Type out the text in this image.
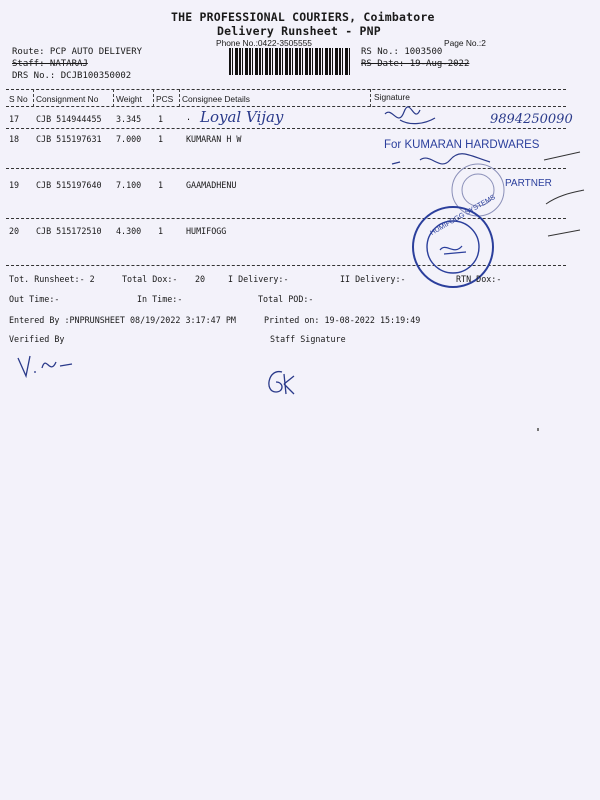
THE PROFESSIONAL COURIERS, Coimbatore
Delivery Runsheet - PNP
Phone No.:0422-3505555	Page No.:2
Route: PCP AUTO DELIVERY
Staff: NATARAJ
DRS No.: DCJB100350002
RS No.: 1003500
RS Date: 19-Aug-2022
S No Consignment No Weight PCS Consignee Details	Signature
17 CJB 514944455 3.345 1	.
18 CJB 515197631 7.000 1	KUMARAN H W
19 CJB 515197640 7.100 1	GAAMADHENU
20 CJB 515172510 4.300 1	HUMIFOGG
Loyal Vijay	9894250090
For KUMARAN HARDWARES
PARTNER
HUMIFOGG SYSTEMS
Tot. Runsheet:- 2	Total Dox:- 20	I Delivery:-	II Delivery:-	RTN Dox:-
Out Time:-	In Time:-	Total POD:-
Entered By :PNPRUNSHEET 08/19/2022 3:17:47 PM	Printed on: 19-08-2022 15:19:49
Verified By	Staff Signature
